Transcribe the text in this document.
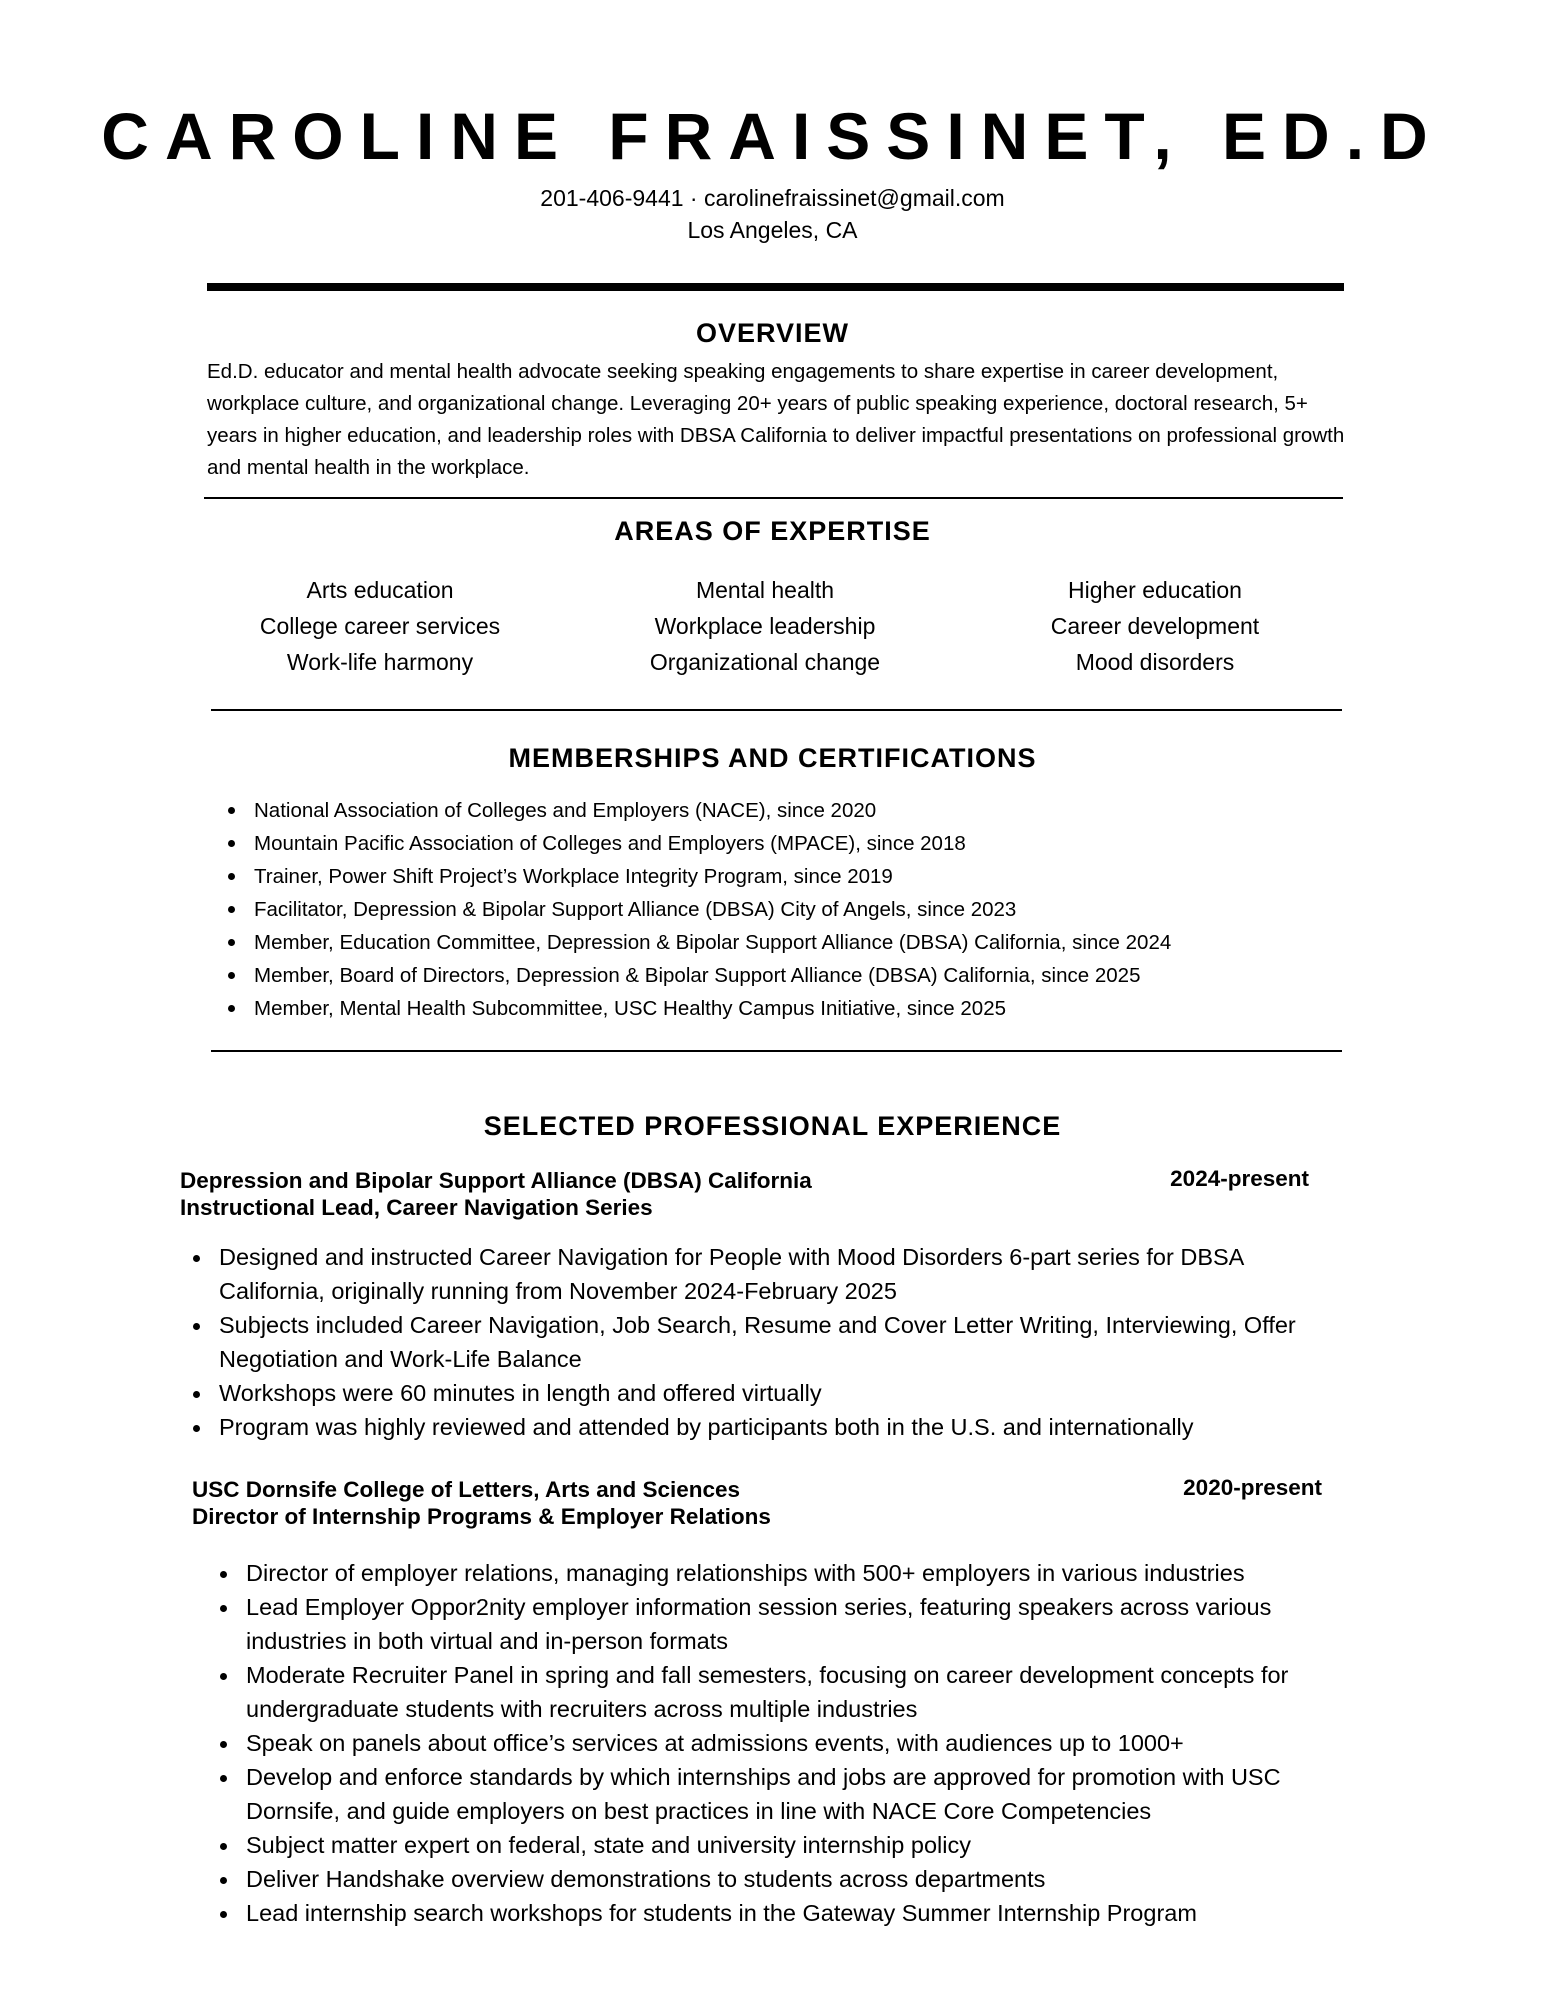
CAROLINE FRAISSINET, ED.D
201-406-9441 · carolinefraissinet@gmail.com
Los Angeles, CA
OVERVIEW

Ed.D. educator and mental health advocate seeking speaking engagements to share expertise in career development, workplace culture, and organizational change. Leveraging 20+ years of public speaking experience, doctoral research, 5+ years in higher education, and leadership roles with DBSA California to deliver impactful presentations on professional growth and mental health in the workplace.

AREAS OF EXPERTISE
Arts education	Mental health	Higher education
College career services	Workplace leadership	Career development
Work-life harmony	Organizational change	Mood disorders
MEMBERSHIPS AND CERTIFICATIONS
National Association of Colleges and Employers (NACE), since 2020
Mountain Pacific Association of Colleges and Employers (MPACE), since 2018
Trainer, Power Shift Project’s Workplace Integrity Program, since 2019
Facilitator, Depression & Bipolar Support Alliance (DBSA) City of Angels, since 2023
Member, Education Committee, Depression & Bipolar Support Alliance (DBSA) California, since 2024
Member, Board of Directors, Depression & Bipolar Support Alliance (DBSA) California, since 2025
Member, Mental Health Subcommittee, USC Healthy Campus Initiative, since 2025
SELECTED PROFESSIONAL EXPERIENCE
Depression and Bipolar Support Alliance (DBSA) California
Instructional Lead, Career Navigation Series
2024-present
Designed and instructed Career Navigation for People with Mood Disorders 6-part series for DBSA California, originally running from November 2024-February 2025
Subjects included Career Navigation, Job Search, Resume and Cover Letter Writing, Interviewing, Offer Negotiation and Work-Life Balance
Workshops were 60 minutes in length and offered virtually
Program was highly reviewed and attended by participants both in the U.S. and internationally
USC Dornsife College of Letters, Arts and Sciences
Director of Internship Programs & Employer Relations
2020-present
Director of employer relations, managing relationships with 500+ employers in various industries
Lead Employer Oppor2nity employer information session series, featuring speakers across various industries in both virtual and in-person formats
Moderate Recruiter Panel in spring and fall semesters, focusing on career development concepts for undergraduate students with recruiters across multiple industries
Speak on panels about office’s services at admissions events, with audiences up to 1000+
Develop and enforce standards by which internships and jobs are approved for promotion with USC Dornsife, and guide employers on best practices in line with NACE Core Competencies
Subject matter expert on federal, state and university internship policy
Deliver Handshake overview demonstrations to students across departments
Lead internship search workshops for students in the Gateway Summer Internship Program
